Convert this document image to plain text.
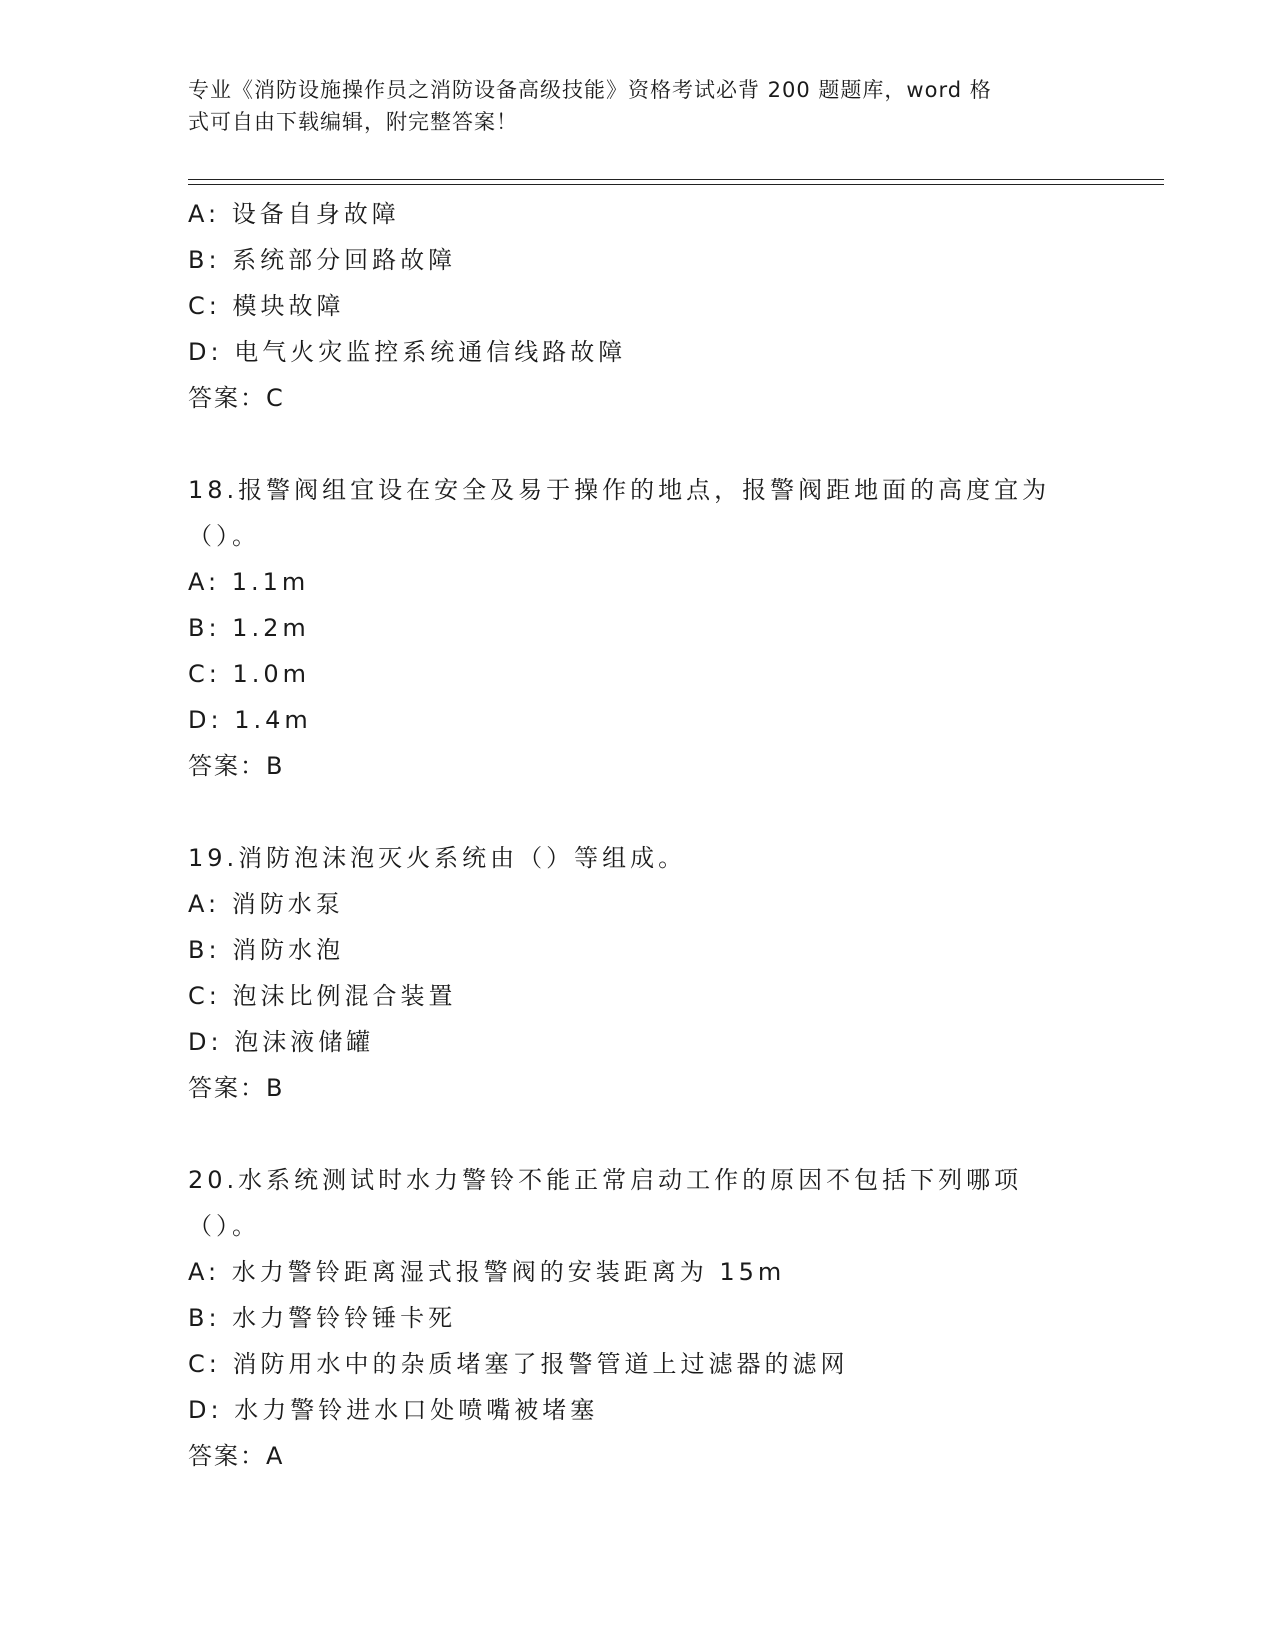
专业《消防设施操作员之消防设备高级技能》资格考试必背 200 题题库，word 格

式可自由下载编辑，附完整答案！

A: 设备自身故障
B: 系统部分回路故障
C: 模块故障
D: 电气火灾监控系统通信线路故障
答案：C
18.报警阀组宜设在安全及易于操作的地点，报警阀距地面的高度宜为（）。
A: 1.1m
B: 1.2m
C: 1.0m
D: 1.4m
答案：B
19.消防泡沫泡灭火系统由（）等组成。
A: 消防水泵
B: 消防水泡
C: 泡沫比例混合装置
D: 泡沫液储罐
答案：B
20.水系统测试时水力警铃不能正常启动工作的原因不包括下列哪项（）。
A: 水力警铃距离湿式报警阀的安装距离为 15m
B: 水力警铃铃锤卡死
C: 消防用水中的杂质堵塞了报警管道上过滤器的滤网
D: 水力警铃进水口处喷嘴被堵塞
答案：A
